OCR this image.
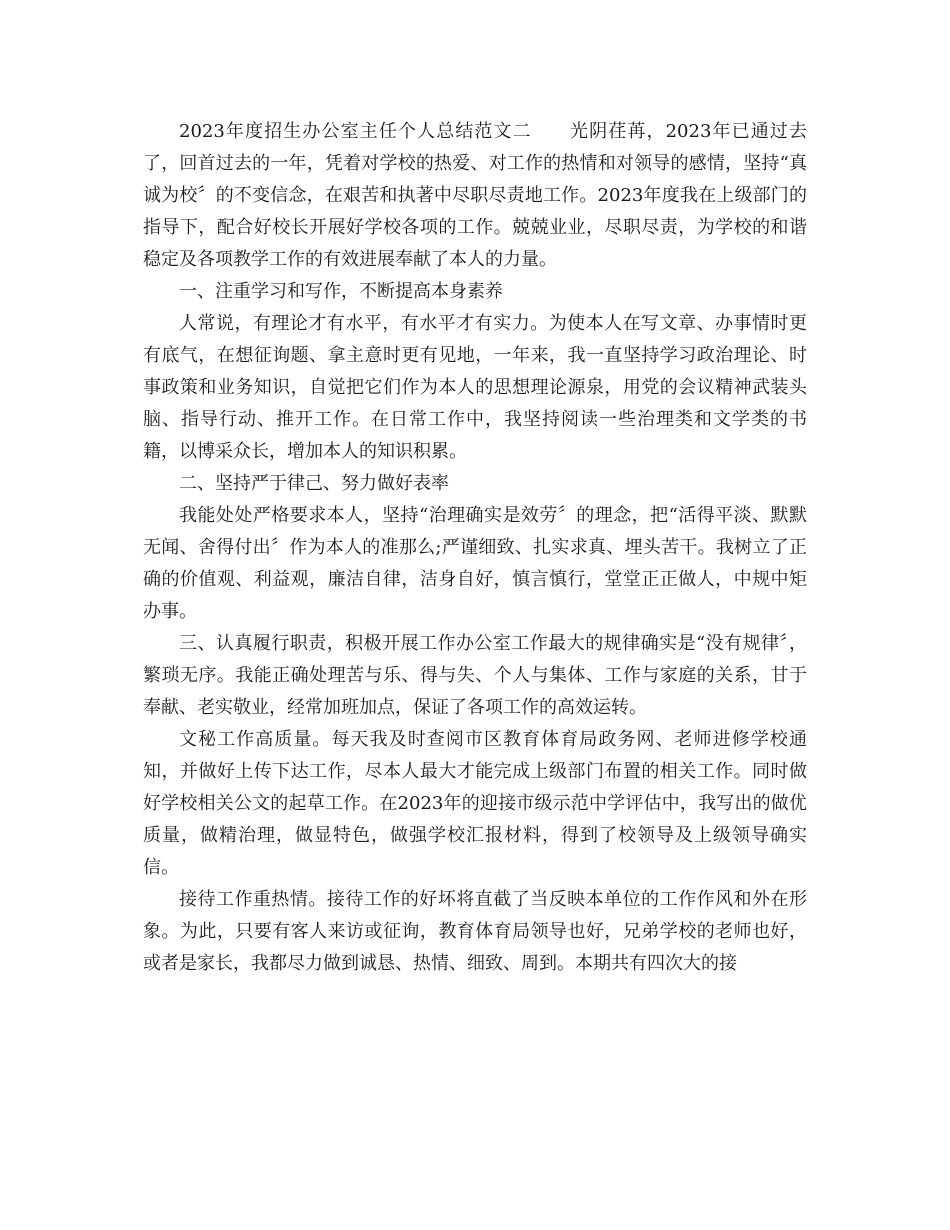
2023年度招生办公室主任个人总结范文二　　光阴荏苒，2023年已通过去了，回首过去的一年，凭着对学校的热爱、对工作的热情和对领导的感情，坚持“真诚为校〞的不变信念，在艰苦和执著中尽职尽责地工作。2023年度我在上级部门的指导下，配合好校长开展好学校各项的工作。兢兢业业，尽职尽责，为学校的和谐稳定及各项教学工作的有效进展奉献了本人的力量。

一、注重学习和写作，不断提高本身素养

人常说，有理论才有水平，有水平才有实力。为使本人在写文章、办事情时更有底气，在想征询题、拿主意时更有见地，一年来，我一直坚持学习政治理论、时事政策和业务知识，自觉把它们作为本人的思想理论源泉，用党的会议精神武装头脑、指导行动、推开工作。在日常工作中，我坚持阅读一些治理类和文学类的书籍，以博采众长，增加本人的知识积累。

二、坚持严于律己、努力做好表率

我能处处严格要求本人，坚持“治理确实是效劳〞的理念，把“活得平淡、默默无闻、舍得付出〞作为本人的准那么;严谨细致、扎实求真、埋头苦干。我树立了正确的价值观、利益观，廉洁自律，洁身自好，慎言慎行，堂堂正正做人，中规中矩办事。

三、认真履行职责，积极开展工作办公室工作最大的规律确实是“没有规律〞，繁琐无序。我能正确处理苦与乐、得与失、个人与集体、工作与家庭的关系，甘于奉献、老实敬业，经常加班加点，保证了各项工作的高效运转。

文秘工作高质量。每天我及时查阅市区教育体育局政务网、老师进修学校通知，并做好上传下达工作，尽本人最大才能完成上级部门布置的相关工作。同时做好学校相关公文的起草工作。在2023年的迎接市级示范中学评估中，我写出的做优质量，做精治理，做显特色，做强学校汇报材料，得到了校领导及上级领导确实信。

接待工作重热情。接待工作的好坏将直截了当反映本单位的工作作风和外在形象。为此，只要有客人来访或征询，教育体育局领导也好，兄弟学校的老师也好，或者是家长，我都尽力做到诚恳、热情、细致、周到。本期共有四次大的接
